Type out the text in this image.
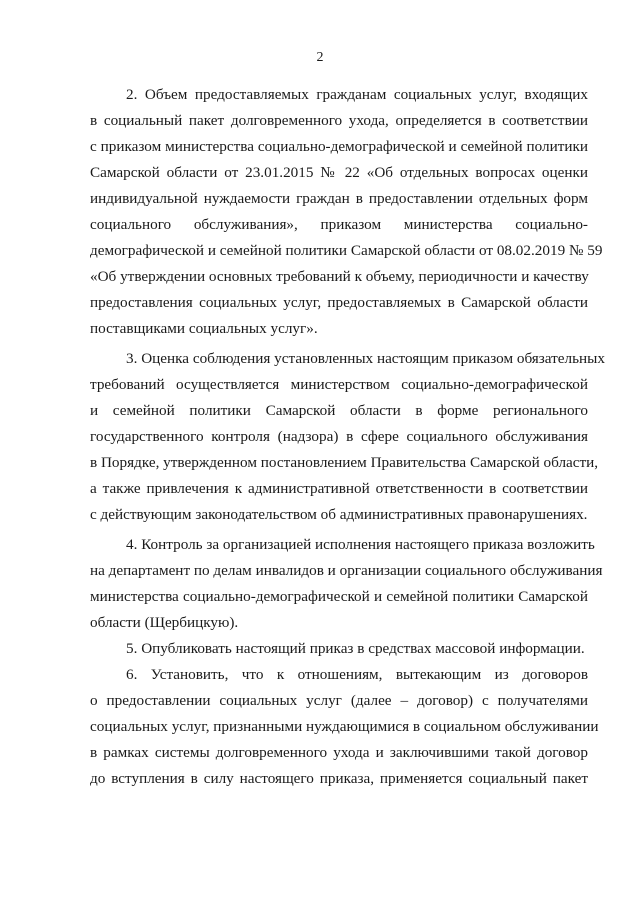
2
2. Объем предоставляемых гражданам социальных услуг, входящих
в социальный пакет долговременного ухода, определяется в соответствии
с приказом министерства социально-демографической и семейной политики
Самарской области от 23.01.2015 № 22 «Об отдельных вопросах оценки
индивидуальной нуждаемости граждан в предоставлении отдельных форм
социального обслуживания», приказом министерства социально-
демографической и семейной политики Самарской области от 08.02.2019 № 59
«Об утверждении основных требований к объему, периодичности и качеству
предоставления социальных услуг, предоставляемых в Самарской области
поставщиками социальных услуг».
3. Оценка соблюдения установленных настоящим приказом обязательных
требований осуществляется министерством социально-демографической
и семейной политики Самарской области в форме регионального
государственного контроля (надзора) в сфере социального обслуживания
в Порядке, утвержденном постановлением Правительства Самарской области,
а также привлечения к административной ответственности в соответствии
с действующим законодательством об административных правонарушениях.
4. Контроль за организацией исполнения настоящего приказа возложить
на департамент по делам инвалидов и организации социального обслуживания
министерства социально-демографической и семейной политики Самарской
области (Щербицкую).
5. Опубликовать настоящий приказ в средствах массовой информации.
6. Установить, что к отношениям, вытекающим из договоров
о предоставлении социальных услуг (далее – договор) с получателями
социальных услуг, признанными нуждающимися в социальном обслуживании
в рамках системы долговременного ухода и заключившими такой договор
до вступления в силу настоящего приказа, применяется социальный пакет
